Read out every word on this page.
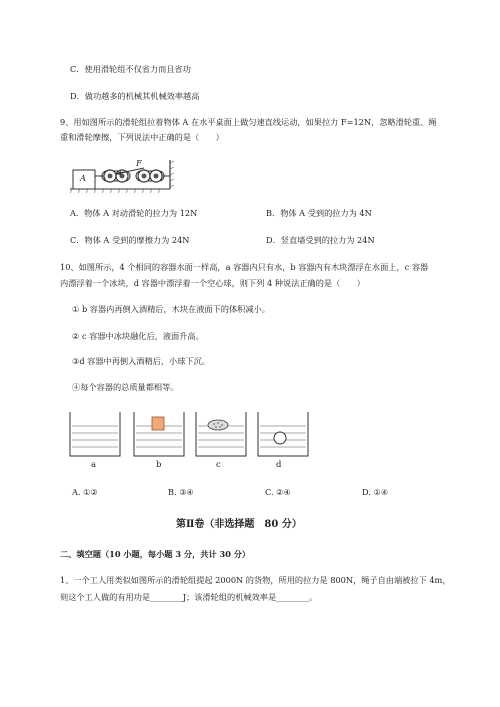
C．使用滑轮组不仅省力而且省功
D．做功越多的机械其机械效率越高
9、用如图所示的滑轮组拉着物体 A 在水平桌面上做匀速直线运动，如果拉力 F=12N，忽略滑轮重、绳
重和滑轮摩擦，下列说法中正确的是（　　）
A
F
A．物体 A 对动滑轮的拉力为 12N	B．物体 A 受到的拉力为 4N
C．物体 A 受到的摩擦力为 24N	D．竖直墙受到的拉力为 24N
10、如图所示，4 个相同的容器水面一样高，a 容器内只有水，b 容器内有木块漂浮在水面上，c 容器
内漂浮着一个冰块，d 容器中漂浮着一个空心球，则下列 4 种说法正确的是（　　）
① b 容器内再倒入酒精后，木块在液面下的体积减小。
② c 容器中冰块融化后，液面升高。
③d 容器中再倒入酒精后，小球下沉。
④每个容器的总质量都相等。
a	b	c	d
A. ①②	B. ③④	C. ②④	D. ①④
第Ⅱ卷（非选择题　80 分）
二、填空题（10 小题，每小题 3 分，共计 30 分）
1、一个工人用类似如图所示的滑轮组提起 2000N 的货物，所用的拉力是 800N，绳子自由端被拉下 4m，
则这个工人做的有用功是________J；该滑轮组的机械效率是________。
